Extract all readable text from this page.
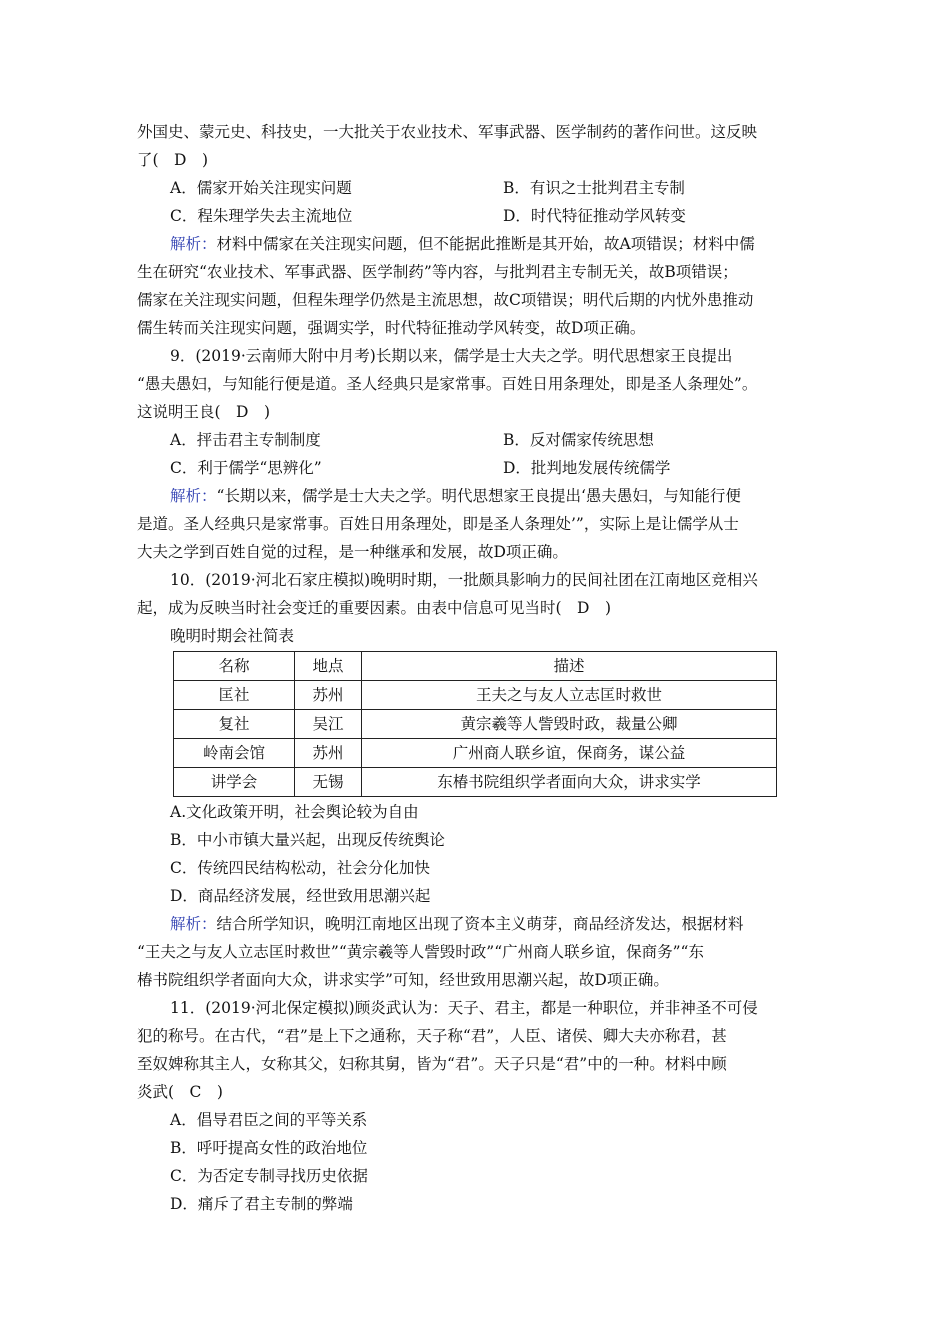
外国史、蒙元史、科技史，一大批关于农业技术、军事武器、医学制药的著作问世。这反映
了(　D　)
A．儒家开始关注现实问题	B．有识之士批判君主专制
C．程朱理学失去主流地位	D．时代特征推动学风转变
解析：材料中儒家在关注现实问题，但不能据此推断是其开始，故A项错误；材料中儒
生在研究“农业技术、军事武器、医学制药”等内容，与批判君主专制无关，故B项错误；
儒家在关注现实问题，但程朱理学仍然是主流思想，故C项错误；明代后期的内忧外患推动
儒生转而关注现实问题，强调实学，时代特征推动学风转变，故D项正确。
9．(2019·云南师大附中月考)长期以来，儒学是士大夫之学。明代思想家王良提出
“愚夫愚妇，与知能行便是道。圣人经典只是家常事。百姓日用条理处，即是圣人条理处”。
这说明王良(　D　)
A．抨击君主专制制度	B．反对儒家传统思想
C．利于儒学“思辨化”	D．批判地发展传统儒学
解析：“长期以来，儒学是士大夫之学。明代思想家王良提出‘愚夫愚妇，与知能行便
是道。圣人经典只是家常事。百姓日用条理处，即是圣人条理处’”，实际上是让儒学从士
大夫之学到百姓自觉的过程，是一种继承和发展，故D项正确。
10．(2019·河北石家庄模拟)晚明时期，一批颇具影响力的民间社团在江南地区竞相兴
起，成为反映当时社会变迁的重要因素。由表中信息可见当时(　D　)
晚明时期会社简表
名称	地点	描述
匡社	苏州	王夫之与友人立志匡时救世
复社	吴江	黄宗羲等人訾毁时政，裁量公卿
岭南会馆	苏州	广州商人联乡谊，保商务，谋公益
讲学会	无锡	东椿书院组织学者面向大众，讲求实学
A.文化政策开明，社会舆论较为自由
B．中小市镇大量兴起，出现反传统舆论
C．传统四民结构松动，社会分化加快
D．商品经济发展，经世致用思潮兴起
解析：结合所学知识，晚明江南地区出现了资本主义萌芽，商品经济发达，根据材料
“王夫之与友人立志匡时救世”“黄宗羲等人訾毁时政”“广州商人联乡谊，保商务”“东
椿书院组织学者面向大众，讲求实学”可知，经世致用思潮兴起，故D项正确。
11．(2019·河北保定模拟)顾炎武认为：天子、君主，都是一种职位，并非神圣不可侵
犯的称号。在古代，“君”是上下之通称，天子称“君”，人臣、诸侯、卿大夫亦称君，甚
至奴婢称其主人，女称其父，妇称其舅，皆为“君”。天子只是“君”中的一种。材料中顾
炎武(　C　)
A．倡导君臣之间的平等关系
B．呼吁提高女性的政治地位
C．为否定专制寻找历史依据
D．痛斥了君主专制的弊端
